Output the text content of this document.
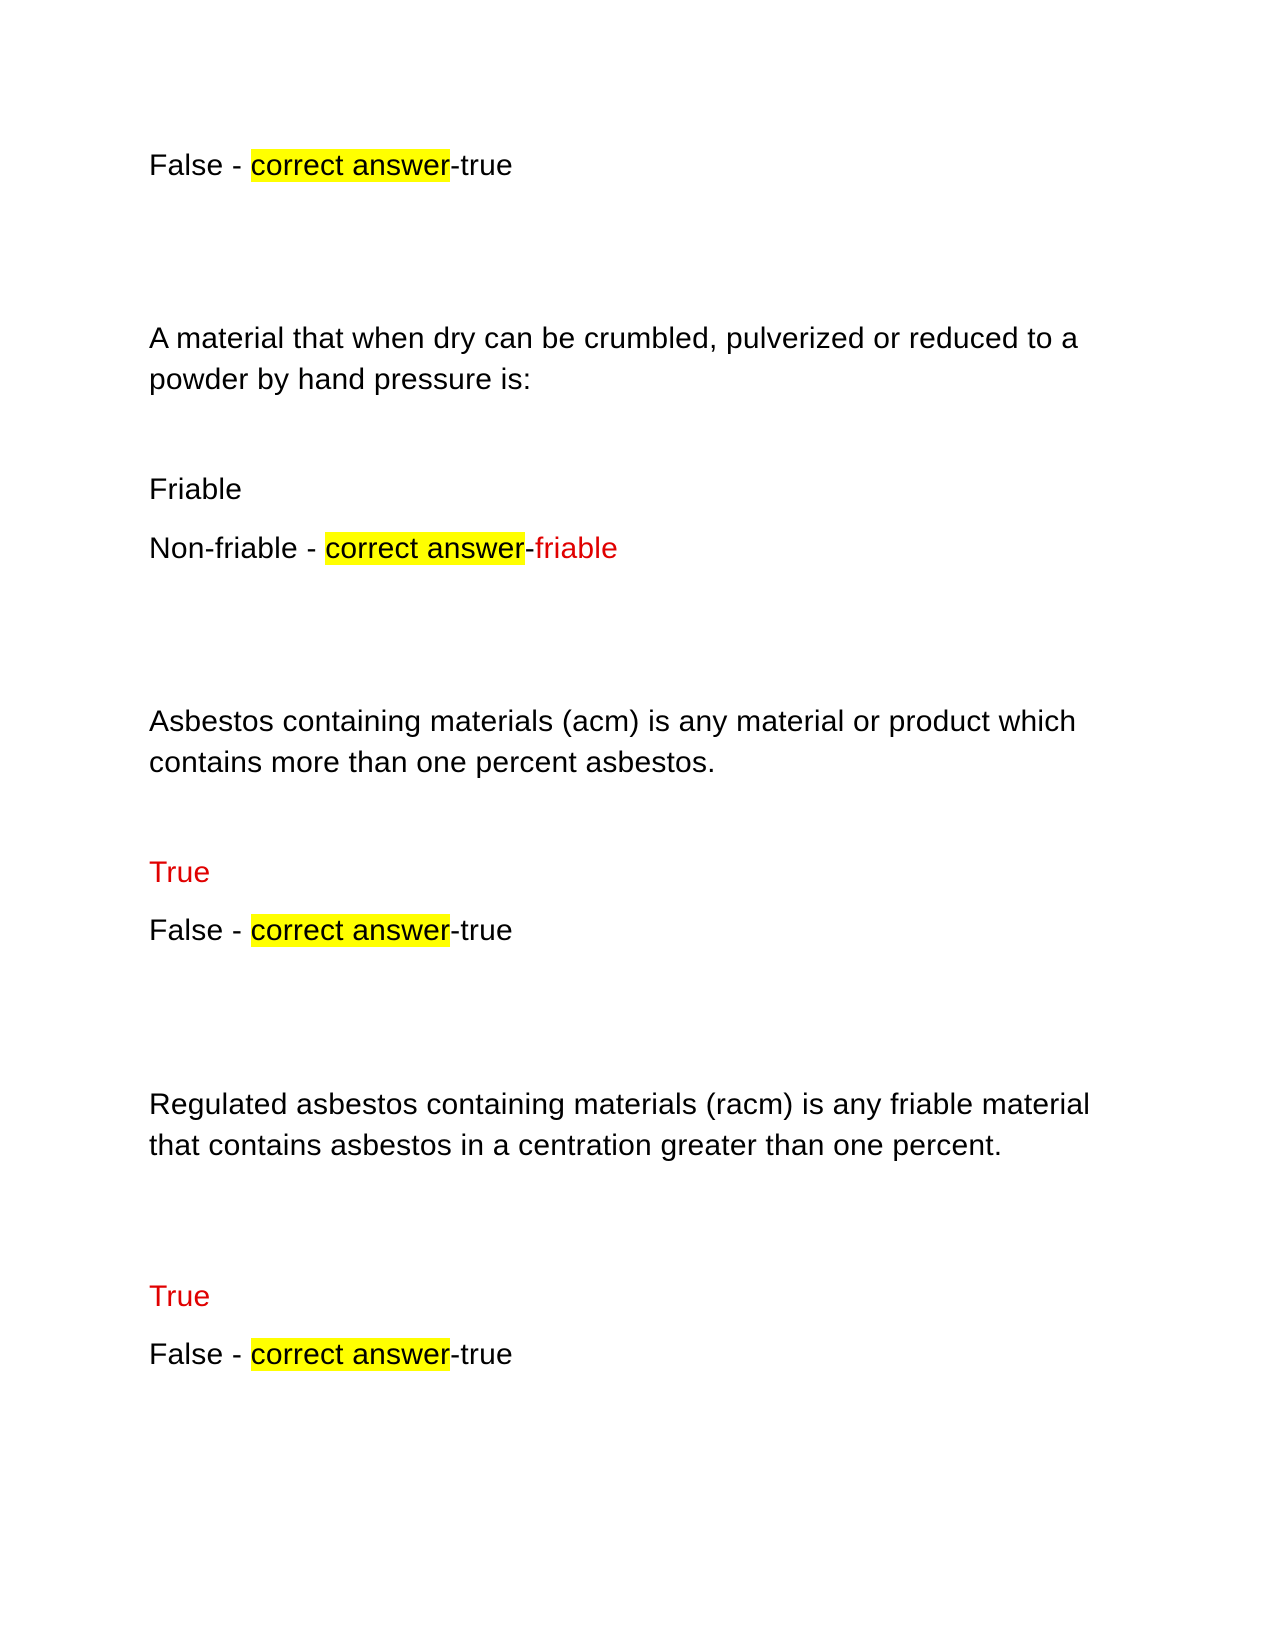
False - correct answer-true
A material that when dry can be crumbled, pulverized or reduced to a powder by hand pressure is:
Friable
Non-friable - correct answer-friable
Asbestos containing materials (acm) is any material or product which contains more than one percent asbestos.
True
False - correct answer-true
Regulated asbestos containing materials (racm) is any friable material that contains asbestos in a centration greater than one percent.
True
False - correct answer-true
